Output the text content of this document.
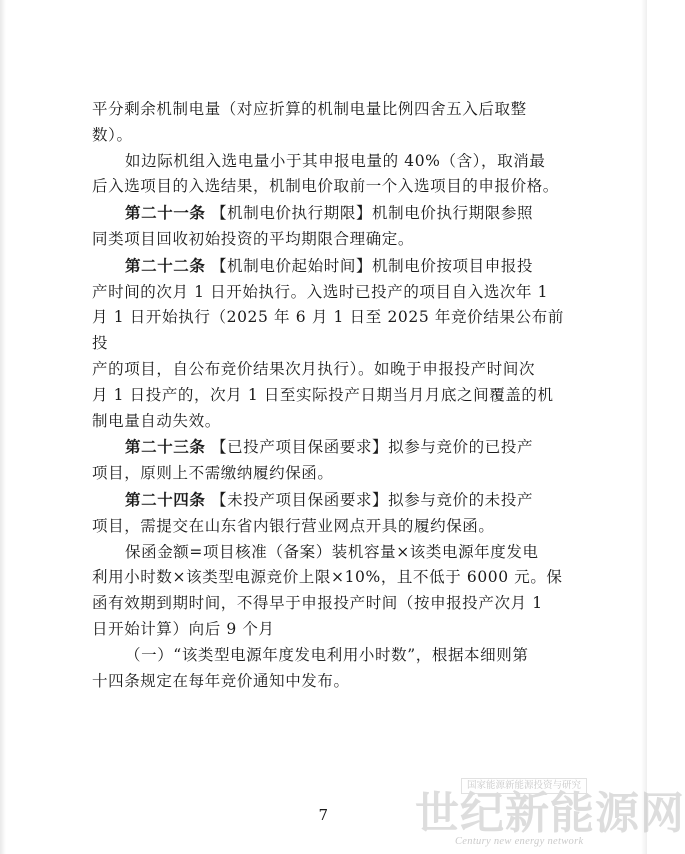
平分剩余机制电量（对应折算的机制电量比例四舍五入后取整
数）。

如边际机组入选电量小于其申报电量的 40%（含），取消最
后入选项目的入选结果，机制电价取前一个入选项目的申报价格。

第二十一条 【机制电价执行期限】机制电价执行期限参照
同类项目回收初始投资的平均期限合理确定。

第二十二条 【机制电价起始时间】机制电价按项目申报投
产时间的次月 1 日开始执行。入选时已投产的项目自入选次年 1
月 1 日开始执行（2025 年 6 月 1 日至 2025 年竞价结果公布前投
产的项目，自公布竞价结果次月执行）。如晚于申报投产时间次
月 1 日投产的，次月 1 日至实际投产日期当月月底之间覆盖的机
制电量自动失效。

第二十三条 【已投产项目保函要求】拟参与竞价的已投产
项目，原则上不需缴纳履约保函。

第二十四条 【未投产项目保函要求】拟参与竞价的未投产
项目，需提交在山东省内银行营业网点开具的履约保函。

保函金额=项目核准（备案）装机容量×该类电源年度发电
利用小时数×该类型电源竞价上限×10%，且不低于 6000 元。保
函有效期到期时间，不得早于申报投产时间（按申报投产次月 1
日开始计算）向后 9 个月

（一）“该类型电源年度发电利用小时数”，根据本细则第
十四条规定在每年竞价通知中发布。

7
国家能源新能源投资与研究
世纪新能源网
Century new energy network
